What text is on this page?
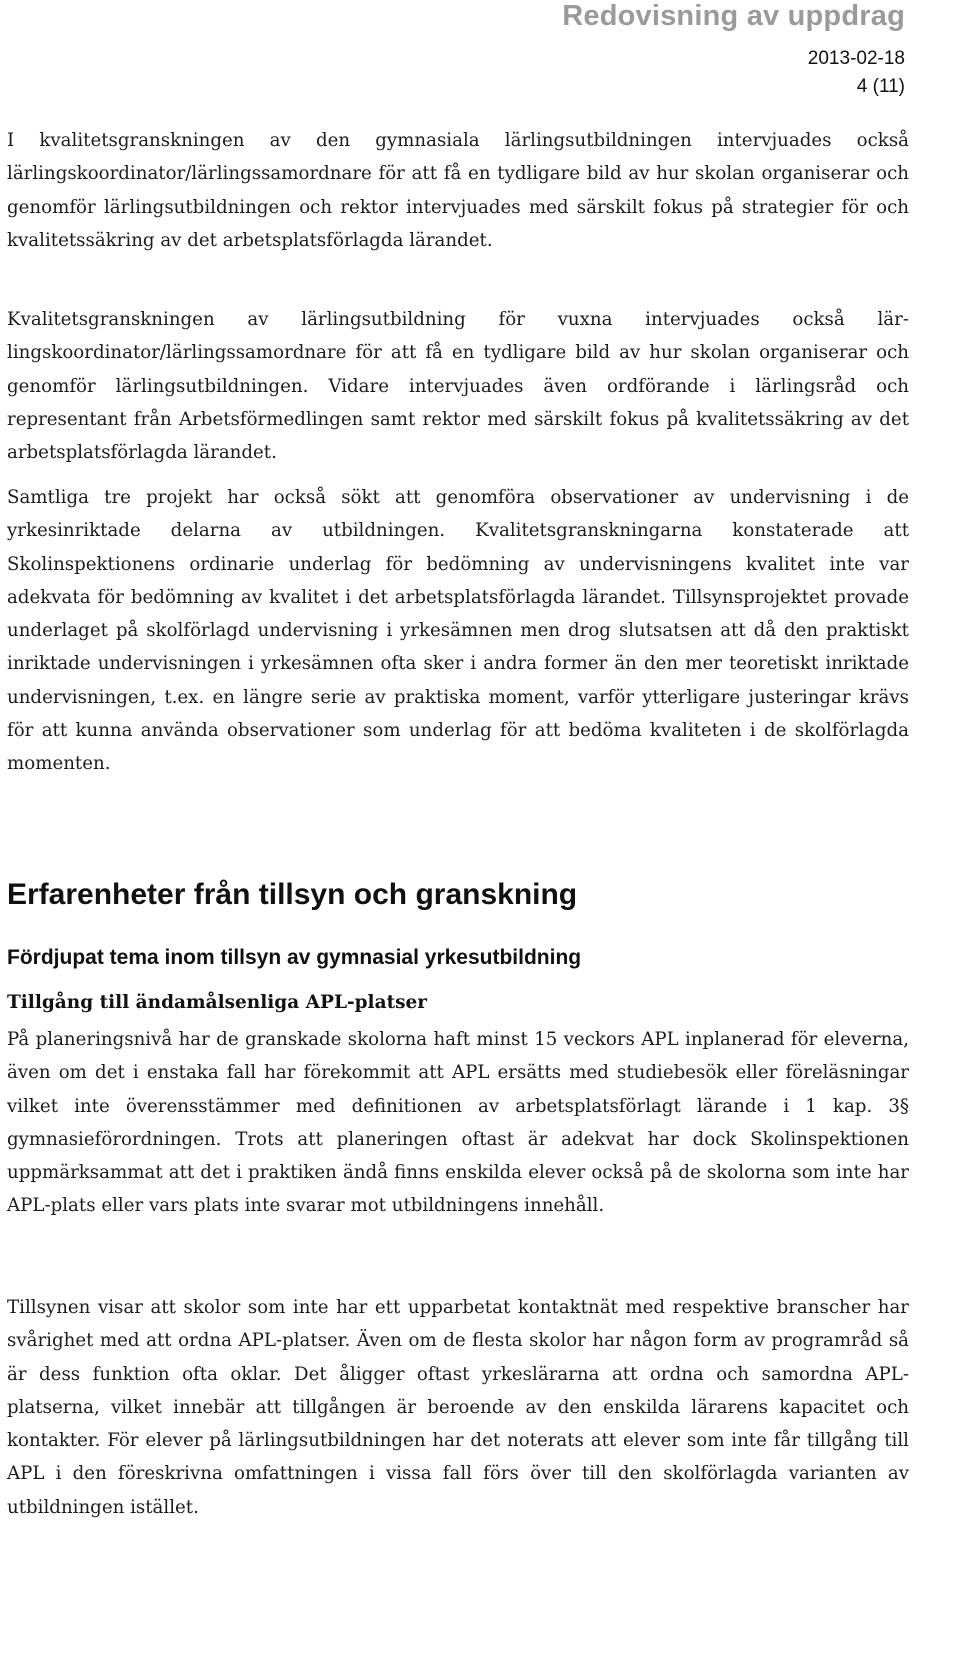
Redovisning av uppdrag
2013-02-18
4 (11)

I kvalitetsgranskningen av den gymnasiala lärlingsutbildningen intervjuades också lärlingskoordinator/lärlingssamordnare för att få en tydligare bild av hur skolan organiserar och genomför lärlingsutbildningen och rektor intervjuades med särskilt fokus på strategier för och kvalitetssäkring av det arbetsplatsförlagda lärandet.

Kvalitetsgranskningen av lärlingsutbildning för vuxna intervjuades också lärlingskoordinator/lärlingssamordnare för att få en tydligare bild av hur skolan organiserar och genomför lärlingsutbildningen. Vidare intervjuades även ordförande i lärlingsråd och representant från Arbetsförmedlingen samt rektor med särskilt fokus på kvalitetssäkring av det arbetsplatsförlagda lärandet.

Samtliga tre projekt har också sökt att genomföra observationer av undervisning i de yrkesinriktade delarna av utbildningen. Kvalitetsgranskningarna konstaterade att Skolinspektionens ordinarie underlag för bedömning av undervisningens kvalitet inte var adekvata för bedömning av kvalitet i det arbetsplatsförlagda lärandet. Tillsynsprojektet provade underlaget på skolförlagd undervisning i yrkesämnen men drog slutsatsen att då den praktiskt inriktade undervisningen i yrkesämnen ofta sker i andra former än den mer teoretiskt inriktade undervisningen, t.ex. en längre serie av praktiska moment, varför ytterligare justeringar krävs för att kunna använda observationer som underlag för att bedöma kvaliteten i de skolförlagda momenten.

Erfarenheter från tillsyn och granskning
Fördjupat tema inom tillsyn av gymnasial yrkesutbildning
Tillgång till ändamålsenliga APL-platser

På planeringsnivå har de granskade skolorna haft minst 15 veckors APL inplanerad för eleverna, även om det i enstaka fall har förekommit att APL ersätts med studiebesök eller föreläsningar vilket inte överensstämmer med definitionen av arbetsplatsförlagt lärande i 1 kap. 3§ gymnasieförordningen. Trots att planeringen oftast är adekvat har dock Skolinspektionen uppmärksammat att det i praktiken ändå finns enskilda elever också på de skolorna som inte har APL-plats eller vars plats inte svarar mot utbildningens innehåll.

Tillsynen visar att skolor som inte har ett upparbetat kontaktnät med respektive branscher har svårighet med att ordna APL-platser. Även om de flesta skolor har någon form av programråd så är dess funktion ofta oklar. Det åligger oftast yrkeslärarna att ordna och samordna APL-platserna, vilket innebär att tillgången är beroende av den enskilda lärarens kapacitet och kontakter. För elever på lärlingsutbildningen har det noterats att elever som inte får tillgång till APL i den föreskrivna omfattningen i vissa fall förs över till den skolförlagda varianten av utbildningen istället.
